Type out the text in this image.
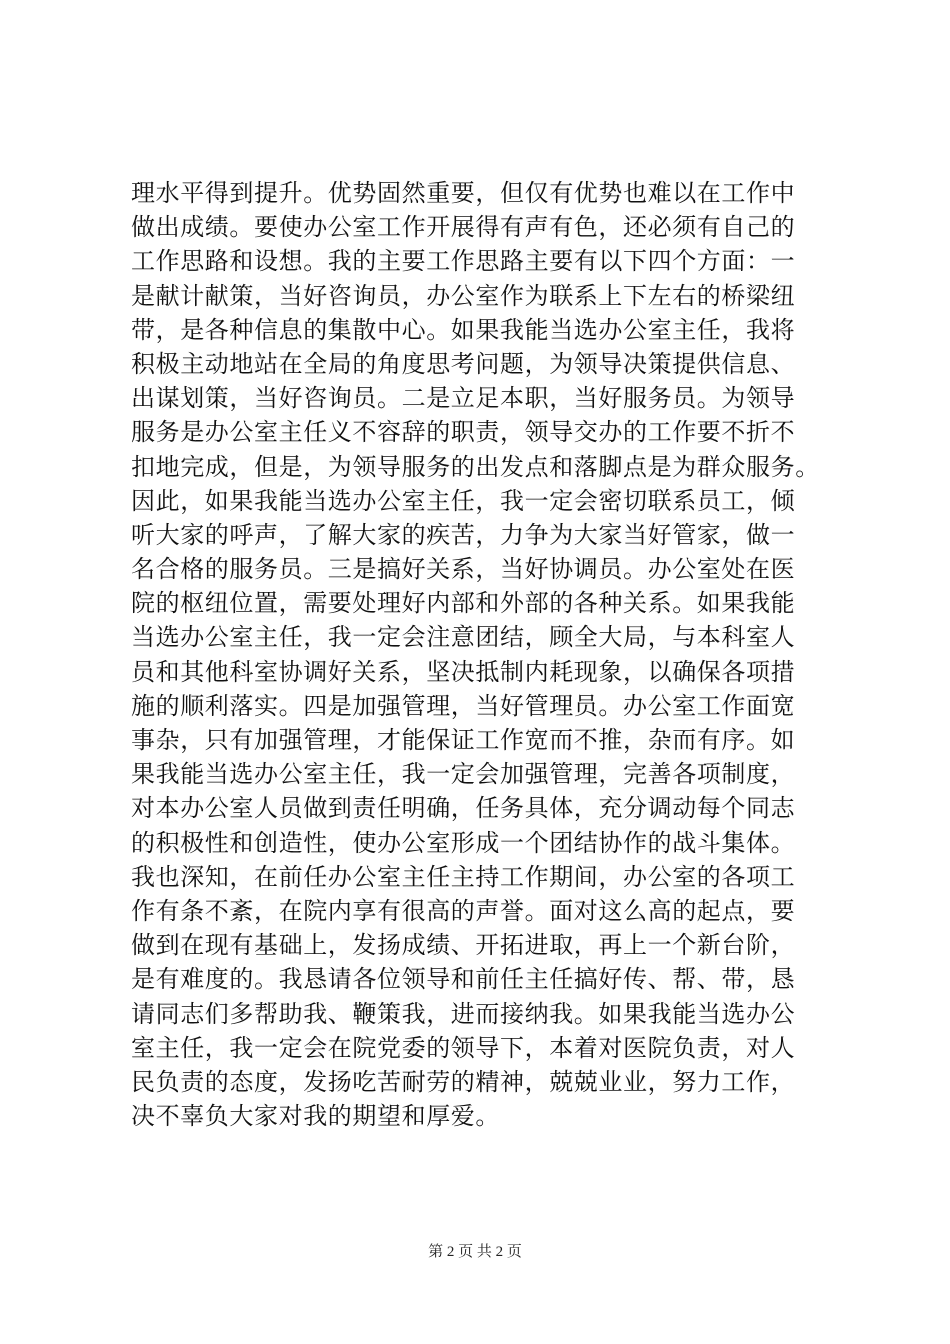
理水平得到提升。优势固然重要，但仅有优势也难以在工作中
做出成绩。要使办公室工作开展得有声有色，还必须有自己的
工作思路和设想。我的主要工作思路主要有以下四个方面：一
是献计献策，当好咨询员，办公室作为联系上下左右的桥梁纽
带，是各种信息的集散中心。如果我能当选办公室主任，我将
积极主动地站在全局的角度思考问题，为领导决策提供信息、
出谋划策，当好咨询员。二是立足本职，当好服务员。为领导
服务是办公室主任义不容辞的职责，领导交办的工作要不折不
扣地完成，但是，为领导服务的出发点和落脚点是为群众服务。
因此，如果我能当选办公室主任，我一定会密切联系员工，倾
听大家的呼声，了解大家的疾苦，力争为大家当好管家，做一
名合格的服务员。三是搞好关系，当好协调员。办公室处在医
院的枢纽位置，需要处理好内部和外部的各种关系。如果我能
当选办公室主任，我一定会注意团结，顾全大局，与本科室人
员和其他科室协调好关系，坚决抵制内耗现象，以确保各项措
施的顺利落实。四是加强管理，当好管理员。办公室工作面宽
事杂，只有加强管理，才能保证工作宽而不推，杂而有序。如
果我能当选办公室主任，我一定会加强管理，完善各项制度，
对本办公室人员做到责任明确，任务具体，充分调动每个同志
的积极性和创造性，使办公室形成一个团结协作的战斗集体。
我也深知，在前任办公室主任主持工作期间，办公室的各项工
作有条不紊，在院内享有很高的声誉。面对这么高的起点，要
做到在现有基础上，发扬成绩、开拓进取，再上一个新台阶，
是有难度的。我恳请各位领导和前任主任搞好传、帮、带，恳
请同志们多帮助我、鞭策我，进而接纳我。如果我能当选办公
室主任，我一定会在院党委的领导下，本着对医院负责，对人
民负责的态度，发扬吃苦耐劳的精神，兢兢业业，努力工作，
决不辜负大家对我的期望和厚爱。
第 2 页 共 2 页
